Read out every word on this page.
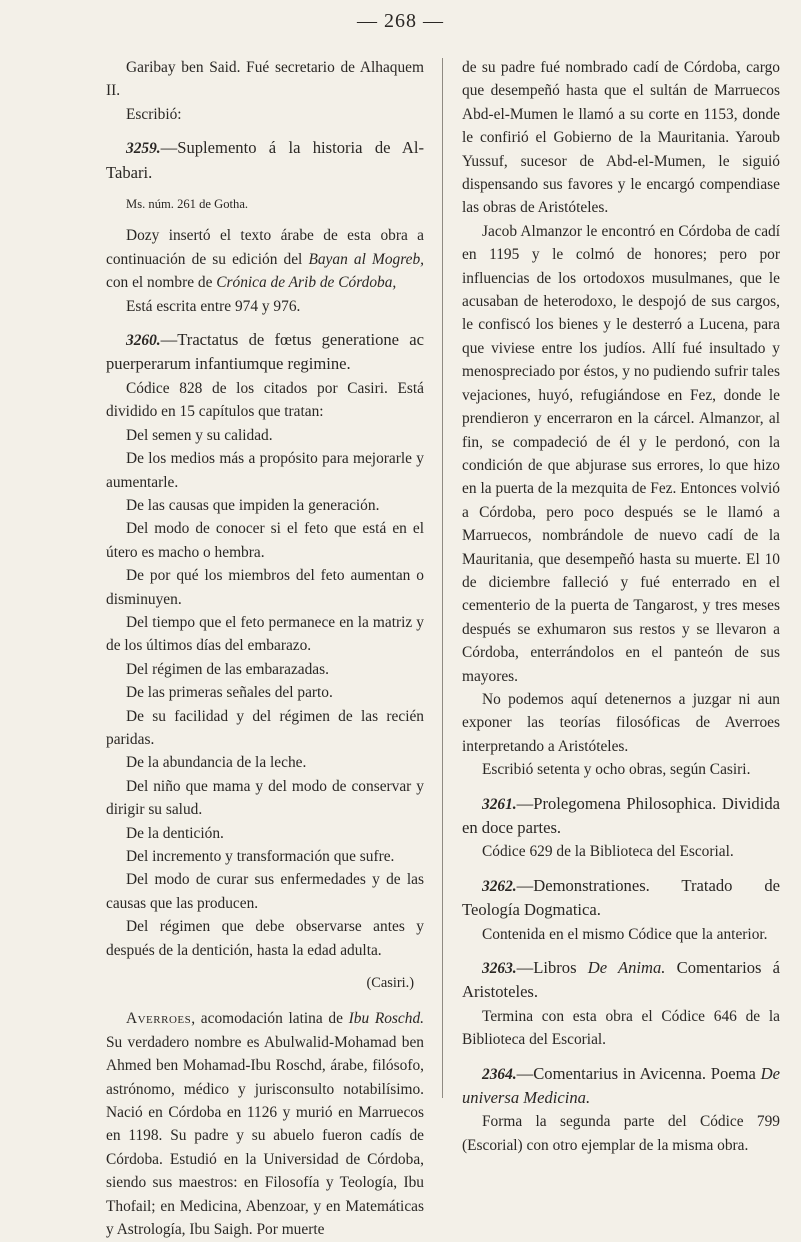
— 268 —

Garibay ben Said. Fué secretario de Alhaquem II.

Escribió:

3259.—Suplemento á la historia de Al-Tabari.

Ms. núm. 261 de Gotha.

Dozy insertó el texto árabe de esta obra a continuación de su edición del Bayan al Mogreb, con el nombre de Crónica de Arib de Córdoba,

Está escrita entre 974 y 976.

3260.—Tractatus de fœtus generatione ac puerperarum infantiumque regimine.

Códice 828 de los citados por Casiri. Está dividido en 15 capítulos que tratan:

Del semen y su calidad.

De los medios más a propósito para mejorarle y aumentarle.

De las causas que impiden la generación.

Del modo de conocer si el feto que está en el útero es macho o hembra.

De por qué los miembros del feto aumentan o disminuyen.

Del tiempo que el feto permanece en la matriz y de los últimos días del embarazo.

Del régimen de las embarazadas.

De las primeras señales del parto.

De su facilidad y del régimen de las recién paridas.

De la abundancia de la leche.

Del niño que mama y del modo de conservar y dirigir su salud.

De la dentición.

Del incremento y transformación que sufre.

Del modo de curar sus enfermedades y de las causas que las producen.

Del régimen que debe observarse antes y después de la dentición, hasta la edad adulta.

(Casiri.)

Averroes, acomodación latina de Ibu Roschd. Su verdadero nombre es Abulwalid-Mohamad ben Ahmed ben Mohamad-Ibu Roschd, árabe, filósofo, astrónomo, médico y jurisconsulto notabilísimo. Nació en Córdoba en 1126 y murió en Marruecos en 1198. Su padre y su abuelo fueron cadís de Córdoba. Estudió en la Universidad de Córdoba, siendo sus maestros: en Filosofía y Teología, Ibu Thofail; en Medicina, Abenzoar, y en Matemáticas y Astrología, Ibu Saigh. Por muerte

de su padre fué nombrado cadí de Córdoba, cargo que desempeñó hasta que el sultán de Marruecos Abd-el-Mumen le llamó a su corte en 1153, donde le confirió el Gobierno de la Mauritania. Yaroub Yussuf, sucesor de Abd-el-Mumen, le siguió dispensando sus favores y le encargó compendiase las obras de Aristóteles.

Jacob Almanzor le encontró en Córdoba de cadí en 1195 y le colmó de honores; pero por influencias de los ortodoxos musulmanes, que le acusaban de heterodoxo, le despojó de sus cargos, le confiscó los bienes y le desterró a Lucena, para que viviese entre los judíos. Allí fué insultado y menospreciado por éstos, y no pudiendo sufrir tales vejaciones, huyó, refugiándose en Fez, donde le prendieron y encerraron en la cárcel. Almanzor, al fin, se compadeció de él y le perdonó, con la condición de que abjurase sus errores, lo que hizo en la puerta de la mezquita de Fez. Entonces volvió a Córdoba, pero poco después se le llamó a Marruecos, nombrándole de nuevo cadí de la Mauritania, que desempeñó hasta su muerte. El 10 de diciembre falleció y fué enterrado en el cementerio de la puerta de Tangarost, y tres meses después se exhumaron sus restos y se llevaron a Córdoba, enterrándolos en el panteón de sus mayores.

No podemos aquí detenernos a juzgar ni aun exponer las teorías filosóficas de Averroes interpretando a Aristóteles.

Escribió setenta y ocho obras, según Casiri.

3261.—Prolegomena Philosophica. Dividida en doce partes.

Códice 629 de la Biblioteca del Escorial.

3262.—Demonstrationes. Tratado de Teología Dogmatica.

Contenida en el mismo Códice que la anterior.

3263.—Libros De Anima. Comentarios á Aristoteles.

Termina con esta obra el Códice 646 de la Biblioteca del Escorial.

2364.—Comentarius in Avicenna. Poema De universa Medicina.

Forma la segunda parte del Códice 799 (Escorial) con otro ejemplar de la misma obra.
